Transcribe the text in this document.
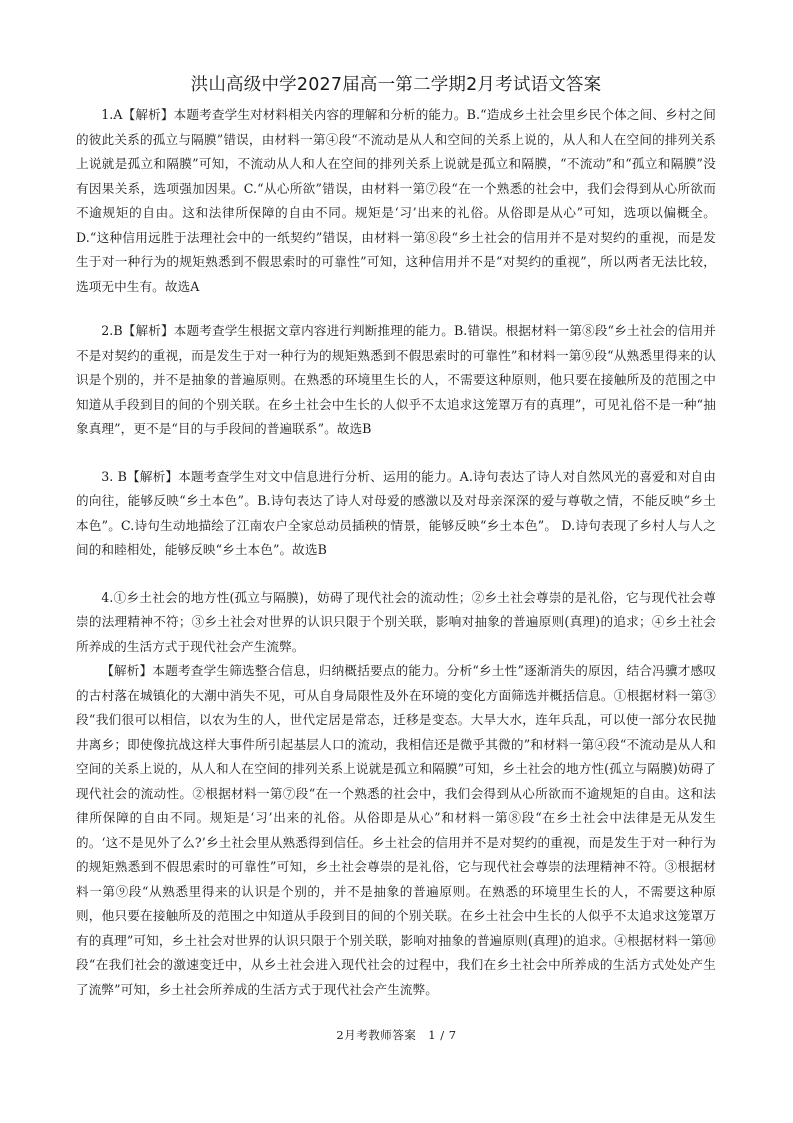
洪山高级中学2027届高一第二学期2月考试语文答案

1.A【解析】本题考查学生对材料相关内容的理解和分析的能力。B.“造成乡土社会里乡民个体之间、乡村之间的彼此关系的孤立与隔膜”错误，由材料一第④段“不流动是从人和空间的关系上说的，从人和人在空间的排列关系上说就是孤立和隔膜”可知，不流动从人和人在空间的排列关系上说就是孤立和隔膜，“不流动”和“孤立和隔膜”没有因果关系，选项强加因果。C.“从心所欲”错误，由材料一第⑦段“在一个熟悉的社会中，我们会得到从心所欲而不逾规矩的自由。这和法律所保障的自由不同。规矩是‘习’出来的礼俗。从俗即是从心”可知，选项以偏概全。D.“这种信用远胜于法理社会中的一纸契约”错误，由材料一第⑧段“乡土社会的信用并不是对契约的重视，而是发生于对一种行为的规矩熟悉到不假思索时的可靠性”可知，这种信用并不是“对契约的重视”，所以两者无法比较，选项无中生有。故选A

2.B【解析】本题考查学生根据文章内容进行判断推理的能力。B.错误。根据材料一第⑧段“乡土社会的信用并不是对契约的重视，而是发生于对一种行为的规矩熟悉到不假思索时的可靠性”和材料一第⑨段“从熟悉里得来的认识是个别的，并不是抽象的普遍原则。在熟悉的环境里生长的人，不需要这种原则，他只要在接触所及的范围之中知道从手段到目的间的个别关联。在乡土社会中生长的人似乎不太追求这笼罩万有的真理”，可见礼俗不是一种“抽象真理”，更不是“目的与手段间的普遍联系”。故选B

3. B【解析】本题考查学生对文中信息进行分析、运用的能力。A.诗句表达了诗人对自然风光的喜爱和对自由的向往，能够反映“乡土本色”。B.诗句表达了诗人对母爱的感激以及对母亲深深的爱与尊敬之情，不能反映“乡土本色”。C.诗句生动地描绘了江南农户全家总动员插秧的情景，能够反映“乡土本色”。 D.诗句表现了乡村人与人之间的和睦相处，能够反映“乡土本色”。故选B

4.①乡土社会的地方性(孤立与隔膜)，妨碍了现代社会的流动性；②乡土社会尊崇的是礼俗，它与现代社会尊崇的法理精神不符；③乡土社会对世界的认识只限于个别关联，影响对抽象的普遍原则(真理)的追求；④乡土社会所养成的生活方式于现代社会产生流弊。

【解析】本题考查学生筛选整合信息，归纳概括要点的能力。分析“乡土性”逐渐消失的原因，结合冯骥才感叹的古村落在城镇化的大潮中消失不见，可从自身局限性及外在环境的变化方面筛选并概括信息。①根据材料一第③段“我们很可以相信，以农为生的人，世代定居是常态，迁移是变态。大旱大水，连年兵乱，可以使一部分农民抛井离乡；即使像抗战这样大事件所引起基层人口的流动，我相信还是微乎其微的”和材料一第④段“不流动是从人和空间的关系上说的，从人和人在空间的排列关系上说就是孤立和隔膜”可知，乡土社会的地方性(孤立与隔膜)妨碍了现代社会的流动性。②根据材料一第⑦段“在一个熟悉的社会中，我们会得到从心所欲而不逾规矩的自由。这和法律所保障的自由不同。规矩是‘习’出来的礼俗。从俗即是从心”和材料一第⑧段“在乡土社会中法律是无从发生的。‘这不是见外了么?’乡土社会里从熟悉得到信任。乡土社会的信用并不是对契约的重视，而是发生于对一种行为的规矩熟悉到不假思索时的可靠性”可知，乡土社会尊崇的是礼俗，它与现代社会尊崇的法理精神不符。③根据材料一第⑨段“从熟悉里得来的认识是个别的，并不是抽象的普遍原则。在熟悉的环境里生长的人，不需要这种原则，他只要在接触所及的范围之中知道从手段到目的间的个别关联。在乡土社会中生长的人似乎不太追求这笼罩万有的真理”可知，乡土社会对世界的认识只限于个别关联，影响对抽象的普遍原则(真理)的追求。④根据材料一第⑩段“在我们社会的激速变迁中，从乡土社会进入现代社会的过程中，我们在乡土社会中所养成的生活方式处处产生了流弊”可知，乡土社会所养成的生活方式于现代社会产生流弊。

2月考教师答案　1 / 7
